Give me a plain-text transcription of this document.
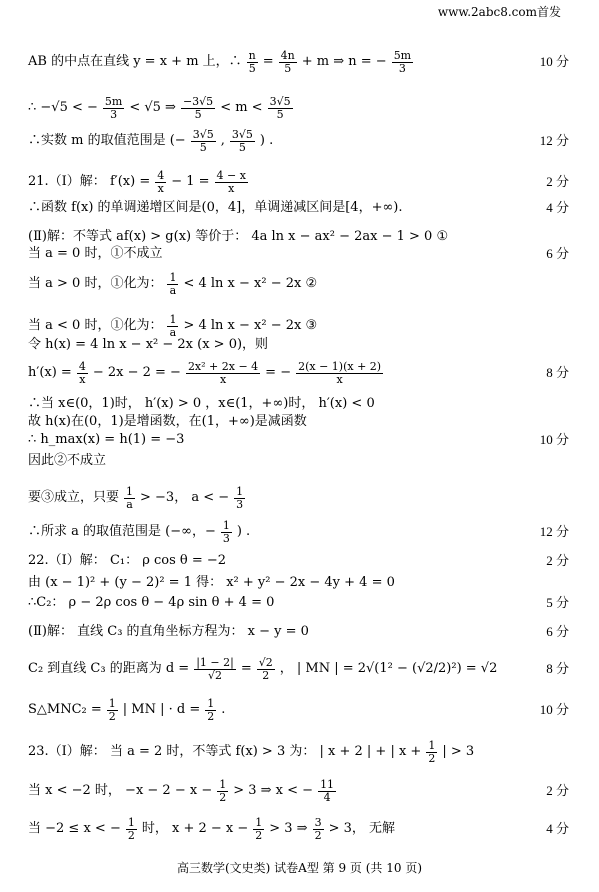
www.2abc8.com首发
AB 的中点在直线 y = x + m 上，∴ $\frac{n}{5} = \frac{4n}{5} + m$ ⇒ n = − $\frac{5m}{3}$	10 分
∴ −√5 < − $\frac{5m}{3} < √5$ ⇒ $\frac{-3√5}{5} < m < \frac{3√5}{5}$
∴实数 m 的取值范围是 (− $\frac{3√5}{5}$ , $\frac{3√5}{5}$ ) .	12 分
21.（Ⅰ）解： $f'(x) = \frac{4}{x} - 1 = \frac{4 - x}{x}$	2 分
∴函数 f(x) 的单调递增区间是(0，4]，单调递减区间是[4，+∞).	4 分
(Ⅱ)解：不等式 af(x) > g(x) 等价于： 4a ln x − ax² − 2ax − 1 > 0 ①
当 a = 0 时，①不成立	6 分
当 a > 0 时，①化为： $\frac{1}{a} < 4$ ln x − x² − 2x ②
当 a < 0 时，①化为： $\frac{1}{a} > 4$ ln x − x² − 2x ③
令 h(x) = 4 ln x − x² − 2x (x > 0)，则
$h'(x) = \frac{4}{x} - 2x - 2$ = − $\frac{\text{2x² + 2x − 4}}{x}$ = − $\frac{2(x - 1)(x + 2)}{x}$	8 分
∴当 x∈(0，1)时， h′(x) > 0 ，x∈(1，+∞)时， h′(x) < 0
故 h(x)在(0，1)是增函数，在(1，+∞)是减函数
∴ h_max(x) = h(1) = −3	10 分
因此②不成立
要③成立，只要 $\frac{1}{a} > -3$， a < − $\frac{1}{3}$
∴所求 a 的取值范围是 (−∞，− $\frac{1}{3}$ ) .	12 分
22.（Ⅰ）解： C₁： ρ cos θ = −2	2 分
由 (x − 1)² + (y − 2)² = 1 得： x² + y² − 2x − 4y + 4 = 0
∴C₂： ρ − 2ρ cos θ − 4ρ sin θ + 4 = 0	5 分
(Ⅱ)解： 直线 C₃ 的直角坐标方程为： x − y = 0	6 分
C₂ 到直线 C₃ 的距离为 $d = \frac{|1 - 2|}{√2} = \frac{√2}{2}$ ， | MN | = 2√(1² − (√2/2)²) = √2	8 分
S△MNC₂ = $\frac{1}{2}$ | MN | · $d = \frac{1}{2}$ .	10 分
23.（Ⅰ）解： 当 a = 2 时，不等式 f(x) > 3 为： | x + 2 | + | $x + \frac{1}{2}$ | > 3
当 x < −2 时， $-x - 2 - x - \frac{1}{2} > 3$ ⇒ x < − $\frac{11}{4}$	2 分
当 −2 ≤ x < − $\frac{1}{2}$ 时， $x + 2 - x - \frac{1}{2} > 3$ ⇒ $\frac{3}{2} > 3$， 无解	4 分
高三数学(文史类) 试卷A型 第 9 页 (共 10 页)
